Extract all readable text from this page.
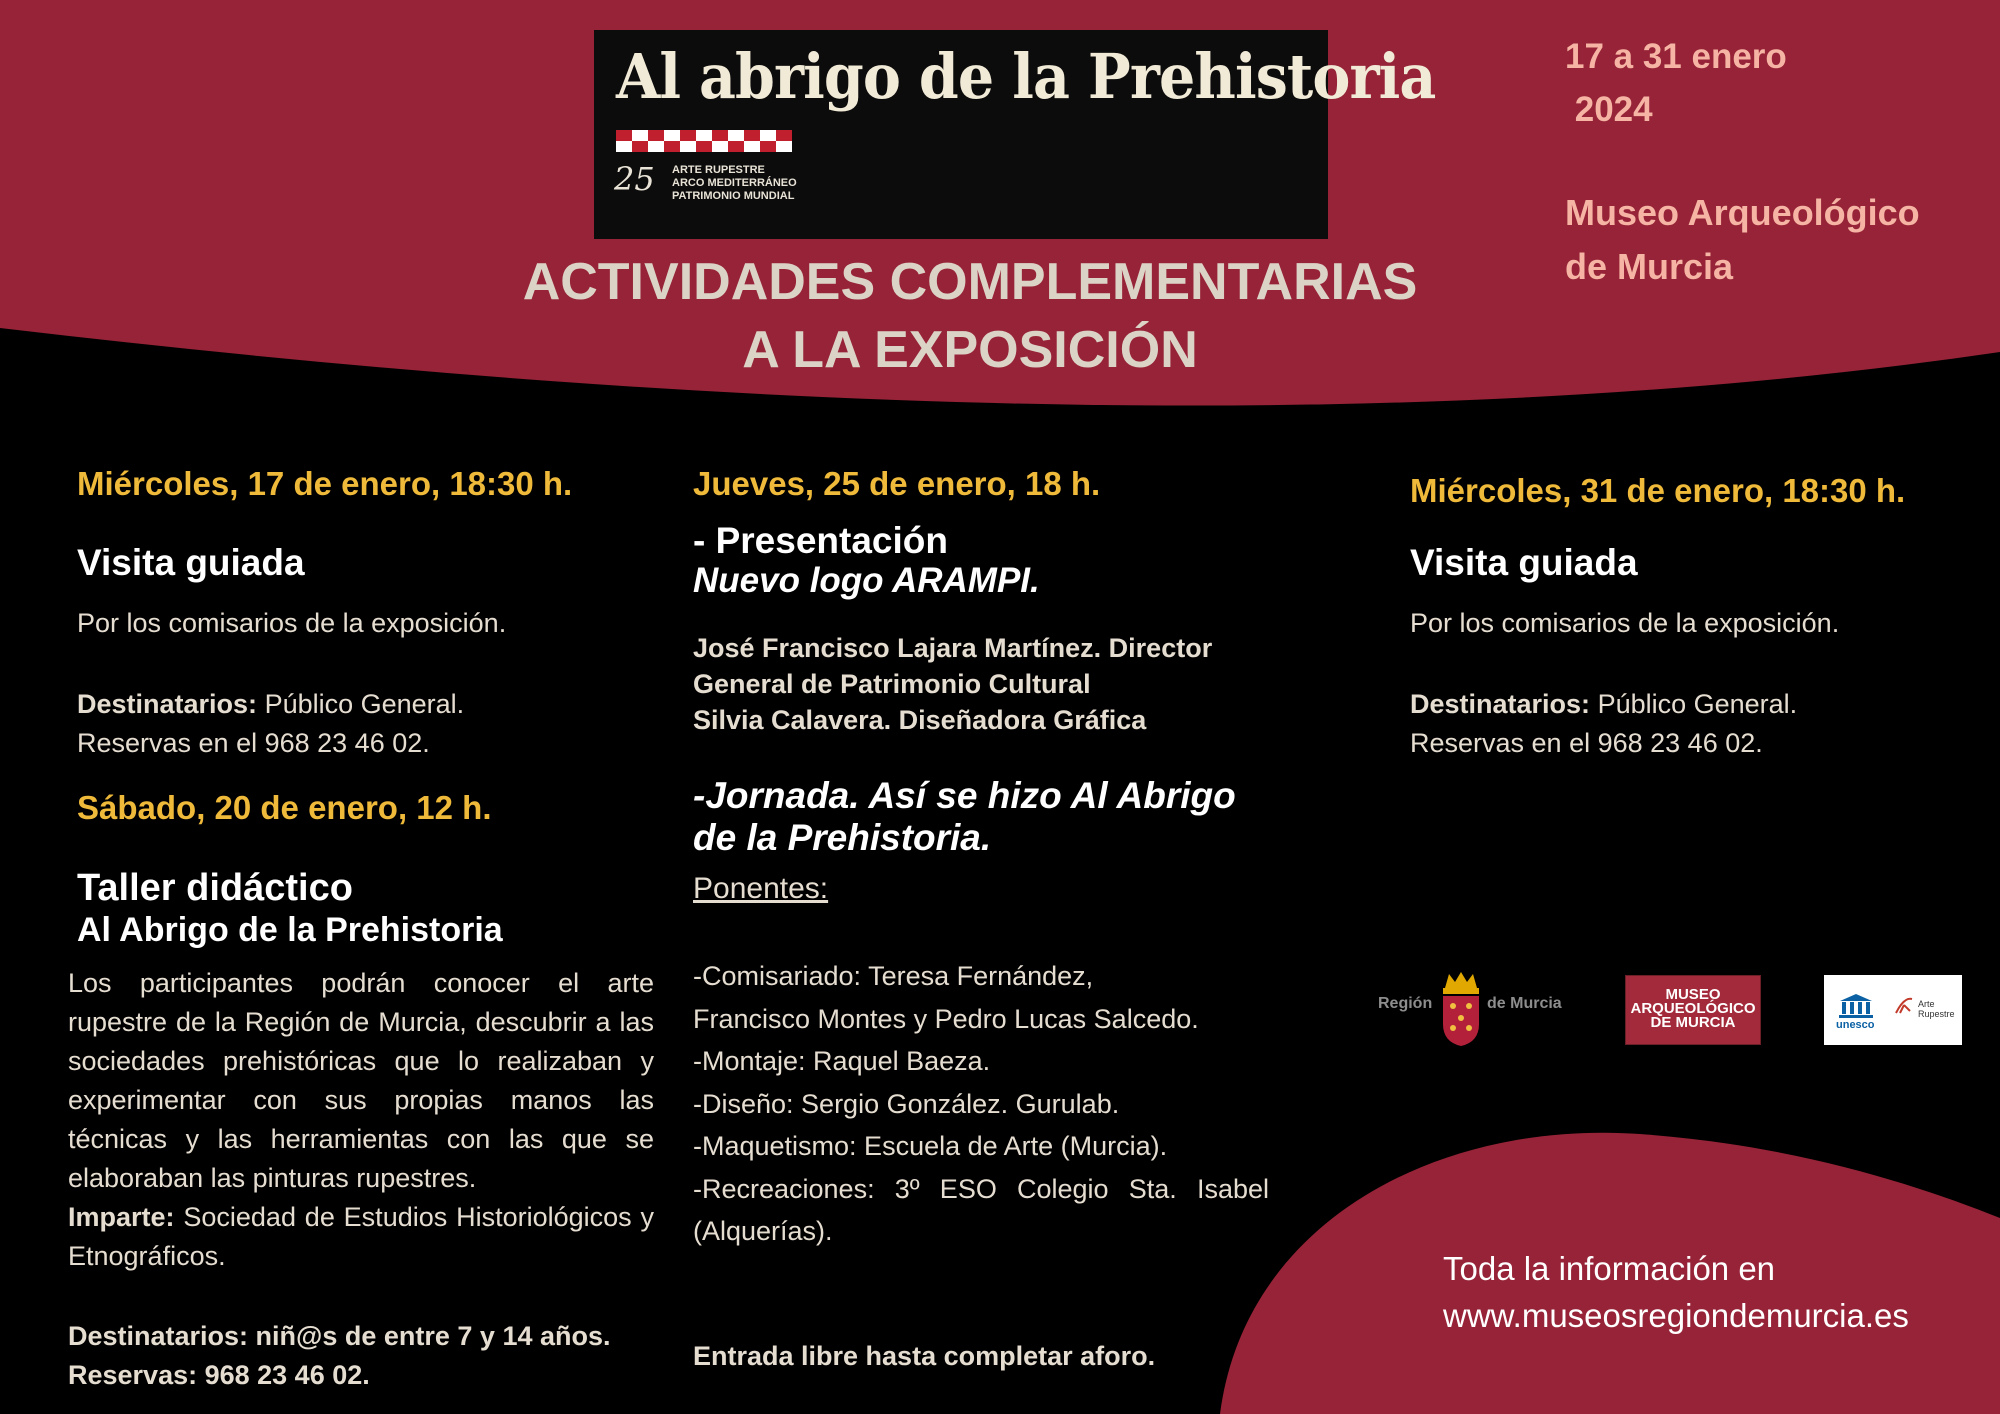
Al abrigo de la Prehistoria
25 ARTE RUPESTRE
ARCO MEDITERRÁNEO
PATRIMONIO MUNDIAL
17 a 31 enero
2024
Museo Arqueológico
de Murcia
ACTIVIDADES COMPLEMENTARIAS
A LA EXPOSICIÓN
Miércoles, 17 de enero, 18:30 h.
Visita guiada
Por los comisarios de la exposición.
Destinatarios: Público General.
Reservas en el 968 23 46 02.
Sábado, 20 de enero, 12 h.
Taller didáctico
Al Abrigo de la Prehistoria
Los participantes podrán conocer el arte rupestre de la Región de Murcia, descubrir a las sociedades prehistóricas que lo realizaban y experimentar con sus propias manos las técnicas y las herramientas con las que se elaboraban las pinturas rupestres.
Imparte: Sociedad de Estudios Historiológicos y Etnográficos.
Destinatarios: niñ@s de entre 7 y 14 años.
Reservas: 968 23 46 02.
Jueves, 25 de enero, 18 h.
- Presentación
Nuevo logo ARAMPI.
José Francisco Lajara Martínez. Director
General de Patrimonio Cultural
Silvia Calavera. Diseñadora Gráfica
-Jornada. Así se hizo Al Abrigo
de la Prehistoria.
Ponentes:
-Comisariado: Teresa Fernández,
Francisco Montes y Pedro Lucas Salcedo.
-Montaje: Raquel Baeza.
-Diseño: Sergio González. Gurulab.
-Maquetismo: Escuela de Arte (Murcia).
-Recreaciones: 3º ESO Colegio Sta. Isabel
(Alquerías).
Entrada libre hasta completar aforo.
Miércoles, 31 de enero, 18:30 h.
Visita guiada
Por los comisarios de la exposición.
Destinatarios: Público General.
Reservas en el 968 23 46 02.
Región	de Murcia
MUSEO
ARQUEOLÓGICO
DE MURCIA	unesco
Arte Rupestre
Toda la información en
www.museosregiondemurcia.es
